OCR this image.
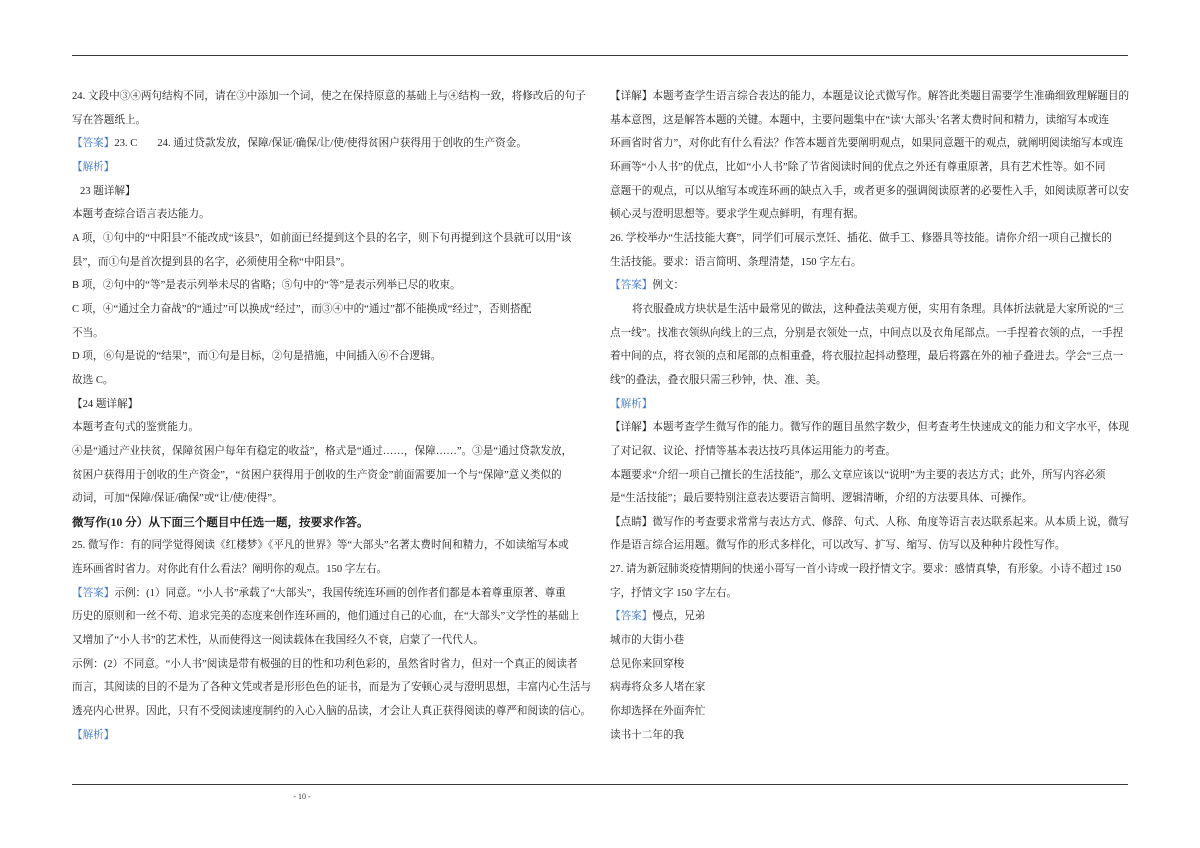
24. 文段中③④两句结构不同，请在③中添加一个词，使之在保持原意的基础上与④结构一致，将修改后的句子
写在答题纸上。
【答案】23. C 24. 通过贷款发放，保障/保证/确保/让/使/使得贫困户获得用于创收的生产资金。
【解析】
23 题详解】
本题考查综合语言表达能力。
A 项，①句中的“中阳县”不能改成“该县”，如前面已经提到这个县的名字，则下句再提到这个县就可以用“该
县”，而①句是首次提到县的名字，必须使用全称“中阳县”。
B 项，②句中的“等”是表示列举未尽的省略；⑤句中的“等”是表示列举已尽的收束。
C 项，④“通过全力奋战”的“通过”可以换成“经过”，而③④中的“通过”都不能换成“经过”，否则搭配
不当。
D 项，⑥句是说的“结果”，而①句是目标，②句是措施，中间插入⑥不合逻辑。
故选 C。
【24 题详解】
本题考查句式的鉴赏能力。
④是“通过产业扶贫，保障贫困户每年有稳定的收益”，格式是“通过……，保障……”。③是“通过贷款发放，
贫困户获得用于创收的生产资金”，“贫困户获得用于创收的生产资金”前面需要加一个与“保障”意义类似的
动词，可加“保障/保证/确保”或“让/使/使得”。
微写作(10 分）从下面三个题目中任选一题，按要求作答。
25. 微写作：有的同学觉得阅读《红楼梦》《平凡的世界》等“大部头”名著太费时间和精力，不如读缩写本或
连环画省时省力。对你此有什么看法？阐明你的观点。150 字左右。
【答案】示例：(1）同意。“小人书”承载了“大部头”，我国传统连环画的创作者们都是本着尊重原著、尊重
历史的原则和一丝不苟、追求完美的态度来创作连环画的，他们通过自己的心血，在“大部头”文学性的基础上
又增加了“小人书”的艺术性，从而使得这一阅读载体在我国经久不衰，启蒙了一代代人。
示例：(2）不同意。“小人书”阅读是带有极强的目的性和功利色彩的，虽然省时省力，但对一个真正的阅读者
而言，其阅读的目的不是为了各种文凭或者是形形色色的证书，而是为了安顿心灵与澄明思想，丰富内心生活与
透亮内心世界。因此，只有不受阅读速度制约的入心入脑的品读，才会让人真正获得阅读的尊严和阅读的信心。
【解析】
【详解】本题考查学生语言综合表达的能力，本题是议论式微写作。解答此类题目需要学生准确细致理解题目的
基本意图，这是解答本题的关键。本题中，主要问题集中在“读‘大部头’名著太费时间和精力，读缩写本或连
环画省时省力”，对你此有什么看法？作答本题首先要阐明观点，如果同意题干的观点，就阐明阅读缩写本或连
环画等“小人书”的优点，比如“小人书”除了节省阅读时间的优点之外还有尊重原著，具有艺术性等。如不同
意题干的观点，可以从缩写本或连环画的缺点入手，或者更多的强调阅读原著的必要性入手，如阅读原著可以安
顿心灵与澄明思想等。要求学生观点鲜明，有理有据。
26. 学校举办“生活技能大赛”，同学们可展示烹饪、插花、做手工、修器具等技能。请你介绍一项自己擅长的
生活技能。要求：语言简明、条理清楚，150 字左右。
【答案】例文：
将衣服叠成方块状是生活中最常见的做法，这种叠法美观方便，实用有条理。具体折法就是大家所说的“三
点一线”。找准衣领纵向线上的三点，分别是衣领处一点，中间点以及衣角尾部点。一手捏着衣领的点，一手捏
着中间的点，将衣领的点和尾部的点相重叠，将衣服拉起抖动整理，最后将露在外的袖子叠进去。学会“三点一
线”的叠法，叠衣服只需三秒钟，快、准、美。
【解析】
【详解】本题考查学生微写作的能力。微写作的题目虽然字数少，但考查考生快速成文的能力和文字水平，体现
了对记叙、议论、抒情等基本表达技巧具体运用能力的考查。
本题要求“介绍一项自己擅长的生活技能”，那么文章应该以“说明”为主要的表达方式；此外，所写内容必须
是“生活技能”；最后要特别注意表达要语言简明、逻辑清晰，介绍的方法要具体、可操作。
【点睛】微写作的考查要求常常与表达方式、修辞、句式、人称、角度等语言表达联系起来。从本质上说，微写
作是语言综合运用题。微写作的形式多样化，可以改写、扩写、缩写、仿写以及种种片段性写作。
27. 请为新冠肺炎疫情期间的快递小哥写一首小诗或一段抒情文字。要求：感情真挚，有形象。小诗不超过 150
字，抒情文字 150 字左右。
【答案】慢点，兄弟
城市的大街小巷
总见你来回穿梭
病毒将众多人堵在家
你却选择在外面奔忙
读书十二年的我
- 10 -
